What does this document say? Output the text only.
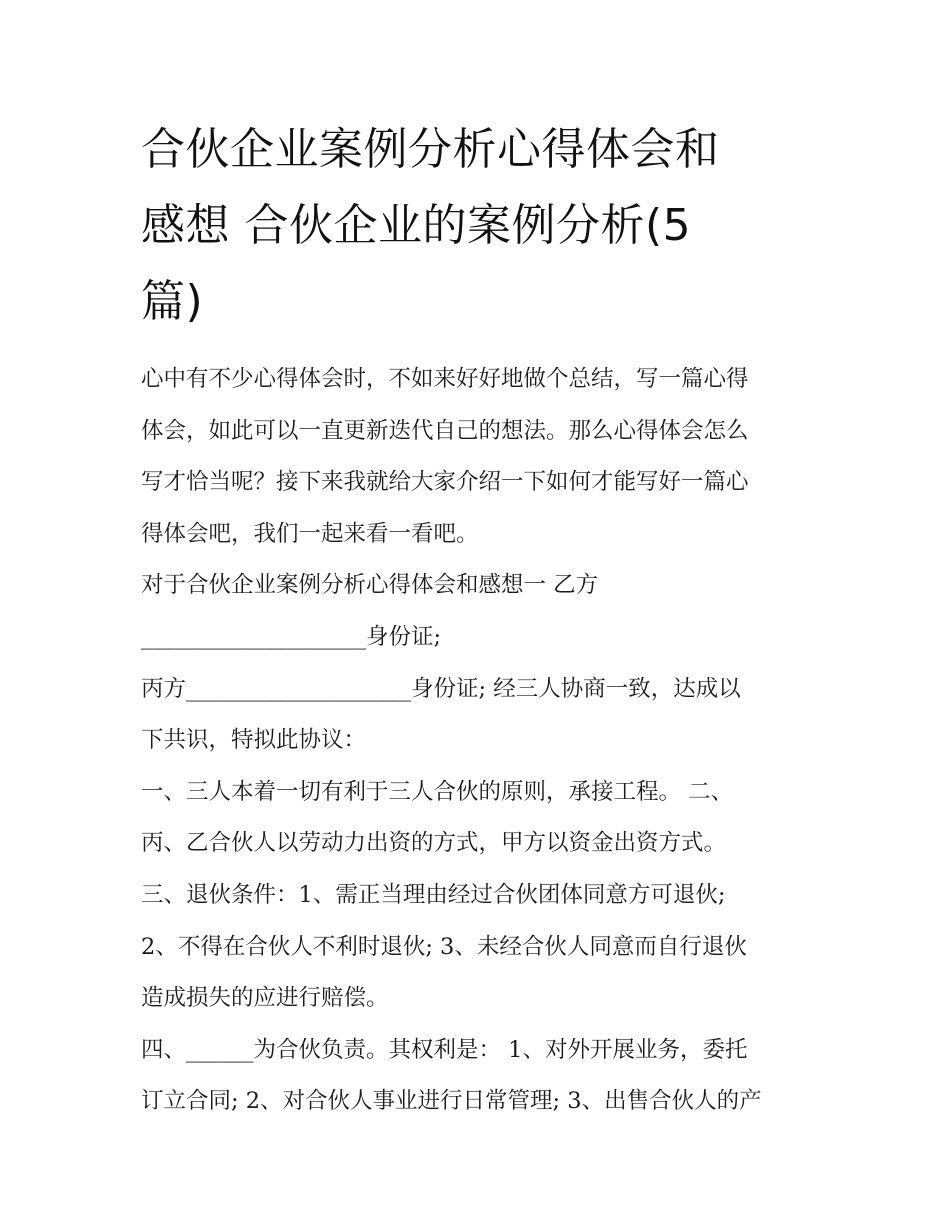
合伙企业案例分析心得体会和
感想 合伙企业的案例分析(5
篇)
心中有不少心得体会时，不如来好好地做个总结，写一篇心得
体会，如此可以一直更新迭代自己的想法。那么心得体会怎么
写才恰当呢？接下来我就给大家介绍一下如何才能写好一篇心
得体会吧，我们一起来看一看吧。
对于合伙企业案例分析心得体会和感想一 乙方
____________________身份证;
丙方____________________身份证; 经三人协商一致，达成以
下共识，特拟此协议：
一、三人本着一切有利于三人合伙的原则，承接工程。 二、
丙、乙合伙人以劳动力出资的方式，甲方以资金出资方式。
三、退伙条件：1、需正当理由经过合伙团体同意方可退伙;
2、不得在合伙人不利时退伙; 3、未经合伙人同意而自行退伙
造成损失的应进行赔偿。
四、______为合伙负责。其权利是： 1、对外开展业务，委托
订立合同; 2、对合伙人事业进行日常管理; 3、出售合伙人的产
